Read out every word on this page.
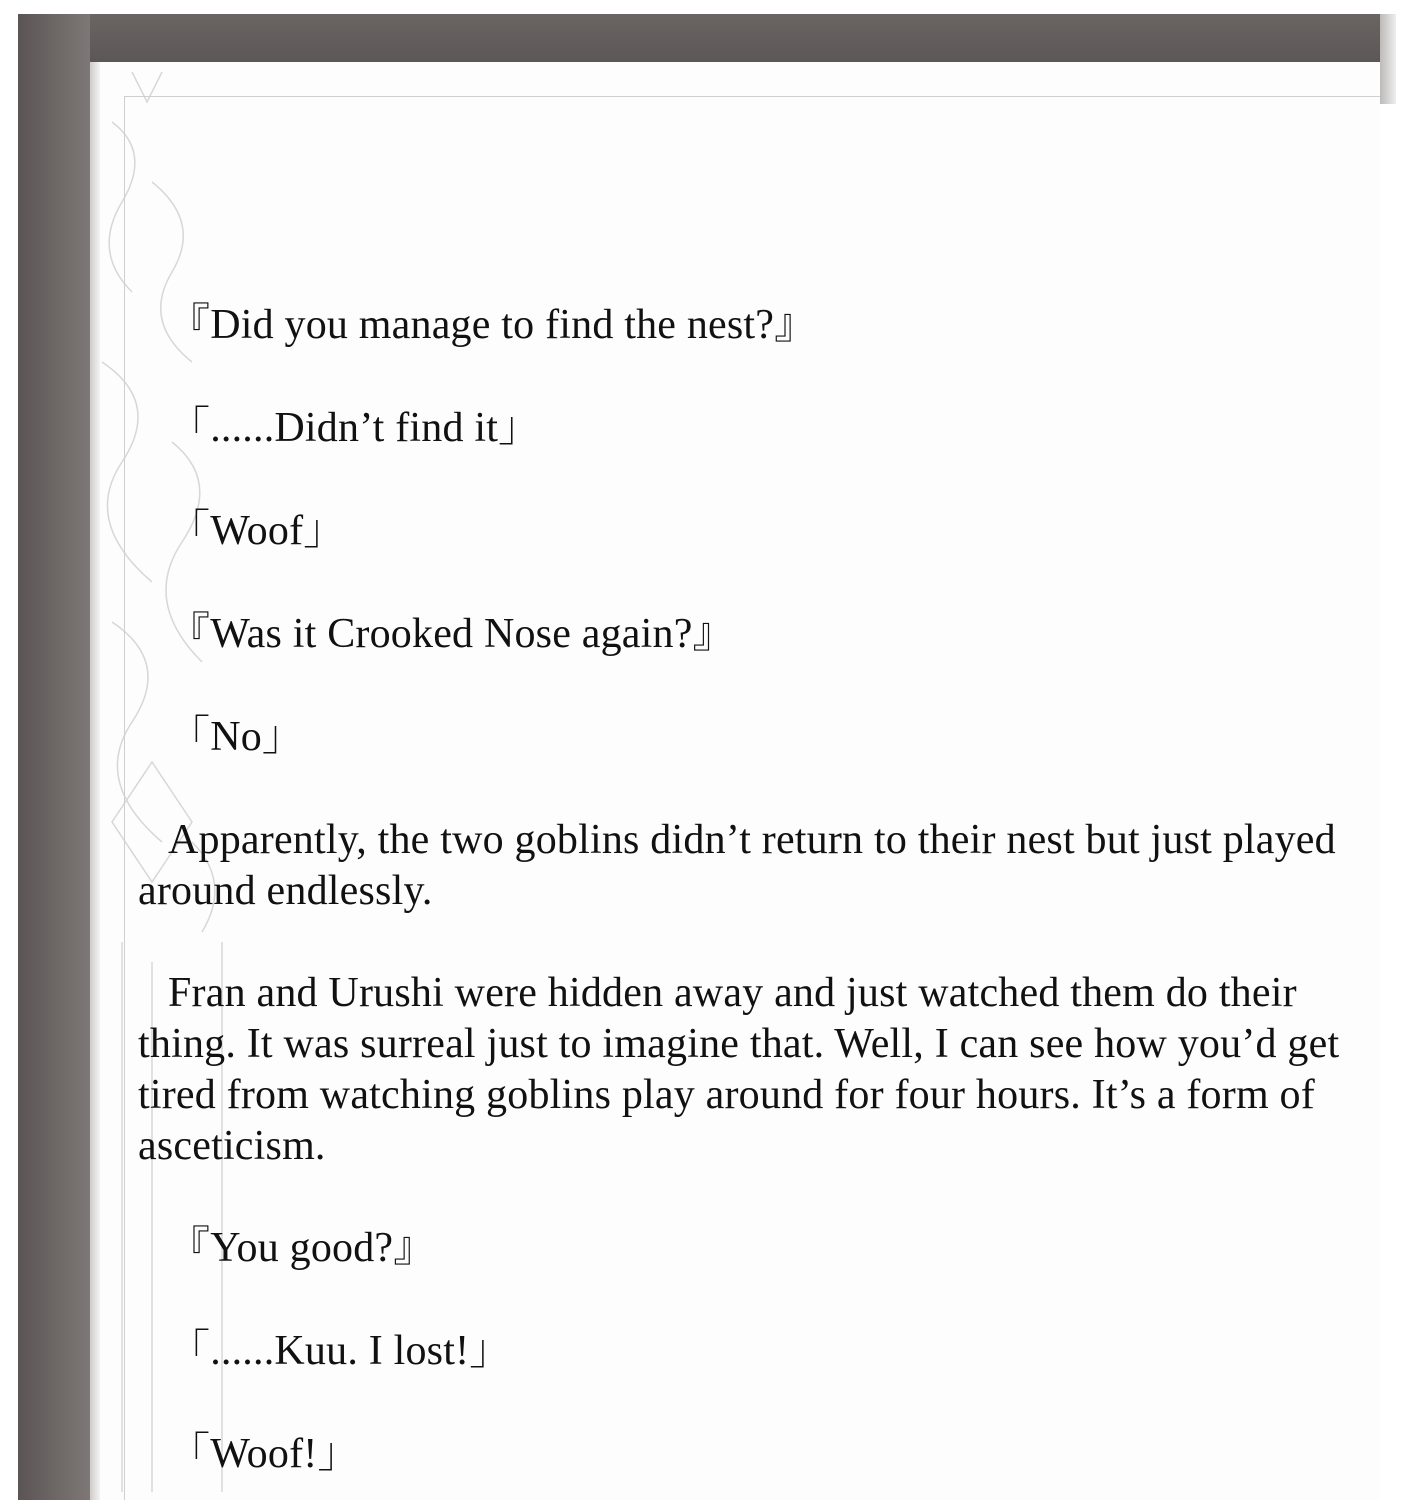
『Did you manage to find the nest?』

「......Didn’t find it」

「Woof」

『Was it Crooked Nose again?』

「No」

Apparently, the two goblins didn’t return to their nest but just played around endlessly.

Fran and Urushi were hidden away and just watched them do their thing. It was surreal just to imagine that. Well, I can see how you’d get tired from watching goblins play around for four hours. It’s a form of asceticism.

『You good?』

「......Kuu. I lost!」

「Woof!」
